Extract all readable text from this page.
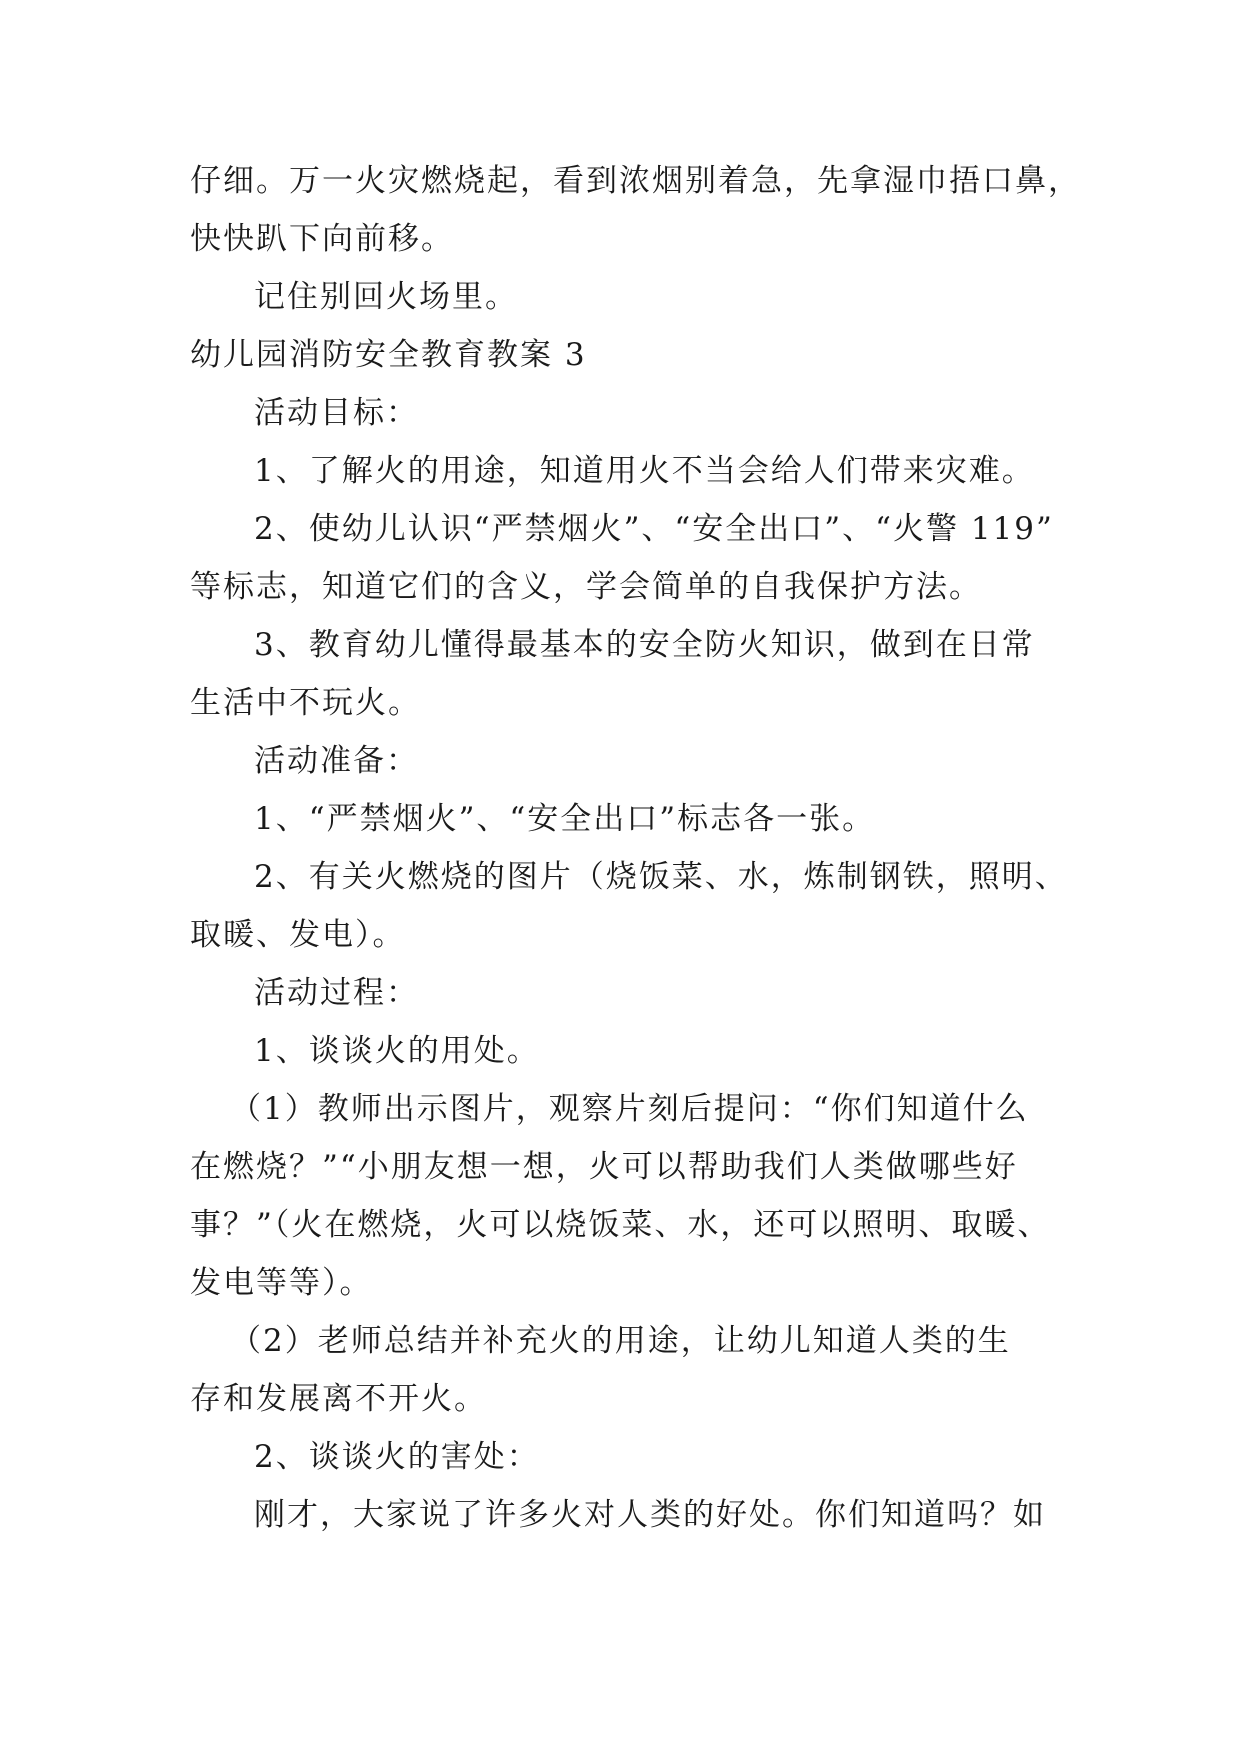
仔细。万一火灾燃烧起，看到浓烟别着急，先拿湿巾捂口鼻，
快快趴下向前移。
记住别回火场里。
幼儿园消防安全教育教案 3
活动目标：
1、了解火的用途，知道用火不当会给人们带来灾难。
2、使幼儿认识“严禁烟火”、“安全出口”、“火警 119”
等标志，知道它们的含义，学会简单的自我保护方法。
3、教育幼儿懂得最基本的安全防火知识，做到在日常
生活中不玩火。
活动准备：
1、“严禁烟火”、“安全出口”标志各一张。
2、有关火燃烧的图片（烧饭菜、水，炼制钢铁，照明、
取暖、发电）。
活动过程：
1、谈谈火的用处。
（1）教师出示图片，观察片刻后提问：“你们知道什么
在燃烧？”“小朋友想一想，火可以帮助我们人类做哪些好
事？”（火在燃烧，火可以烧饭菜、水，还可以照明、取暖、
发电等等）。
（2）老师总结并补充火的用途，让幼儿知道人类的生
存和发展离不开火。
2、谈谈火的害处：
刚才，大家说了许多火对人类的好处。你们知道吗？如
